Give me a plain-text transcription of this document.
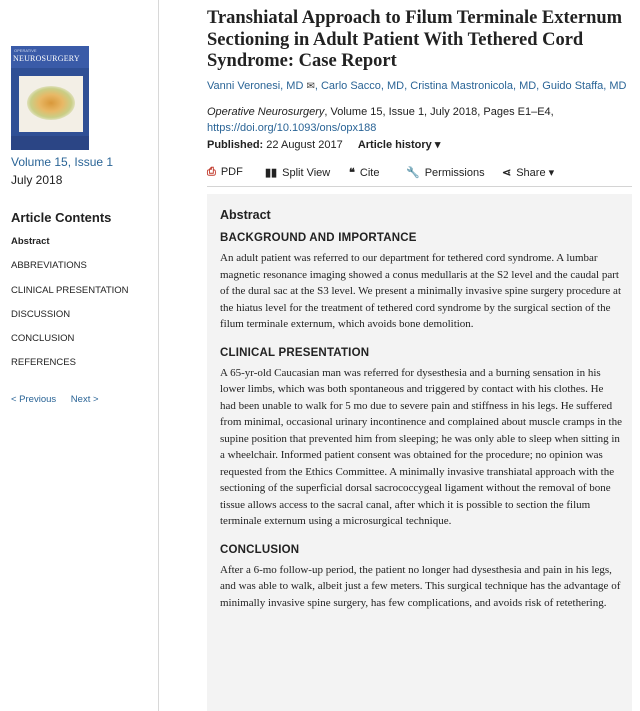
OPERATIVE
NEUROSURGERY
Volume 15, Issue 1
July 2018
Article Contents
Abstract
ABBREVIATIONS
CLINICAL PRESENTATION
DISCUSSION
CONCLUSION
REFERENCES
< Previous Next >
Transhiatal Approach to Filum Terminale Externum Sectioning in Adult Patient With Tethered Cord Syndrome: Case Report
Vanni Veronesi, MD ✉, Carlo Sacco, MD, Cristina Mastronicola, MD, Guido Staffa, MD
Operative Neurosurgery, Volume 15, Issue 1, July 2018, Pages E1–E4,
https://doi.org/10.1093/ons/opx188
Published: 22 August 2017 Article history ▾
⎙ PDF ▮▮ Split View ❝ Cite 🔧 Permissions ⋖ Share ▾
Abstract
BACKGROUND AND IMPORTANCE

An adult patient was referred to our department for tethered cord syndrome. A lumbar magnetic resonance imaging showed a conus medullaris at the S2 level and the caudal part of the dural sac at the S3 level. We present a minimally invasive spine surgery procedure at the hiatus level for the treatment of tethered cord syndrome by the surgical section of the filum terminale externum, which avoids bone demolition.

CLINICAL PRESENTATION

A 65-yr-old Caucasian man was referred for dysesthesia and a burning sensation in his lower limbs, which was both spontaneous and triggered by contact with his clothes. He had been unable to walk for 5 mo due to severe pain and stiffness in his legs. He suffered from minimal, occasional urinary incontinence and complained about muscle cramps in the supine position that prevented him from sleeping; he was only able to sleep when sitting in a wheelchair. Informed patient consent was obtained for the procedure; no opinion was requested from the Ethics Committee. A minimally invasive transhiatal approach with the sectioning of the superficial dorsal sacrococcygeal ligament without the removal of bone tissue allows access to the sacral canal, after which it is possible to section the filum terminale externum using a microsurgical technique.

CONCLUSION

After a 6-mo follow-up period, the patient no longer had dysesthesia and pain in his legs, and was able to walk, albeit just a few meters. This surgical technique has the advantage of minimally invasive spine surgery, has few complications, and avoids risk of retethering.
